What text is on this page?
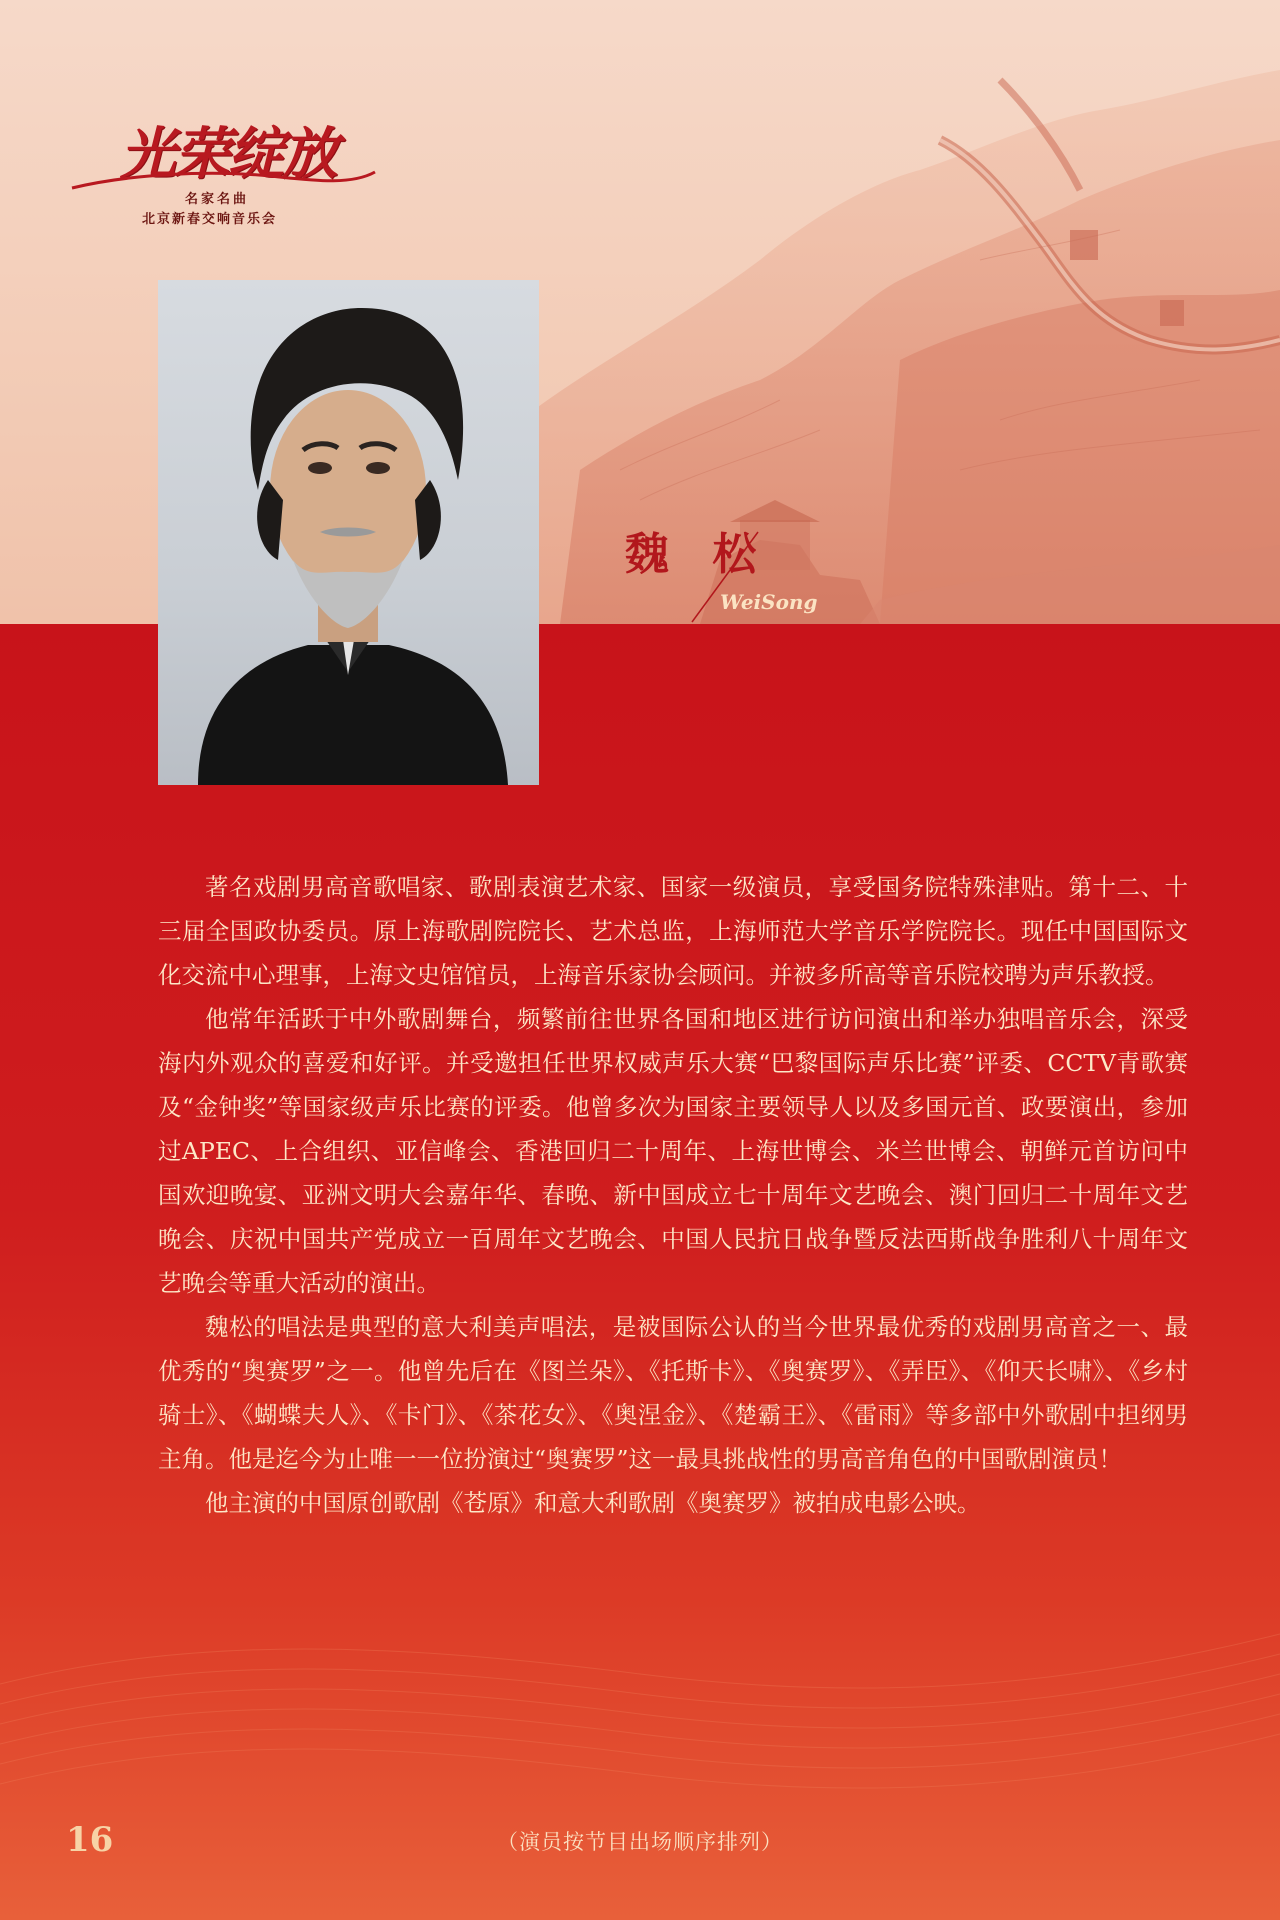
光荣绽放
名家名曲
北京新春交响音乐会
魏 松
WeiSong

著名戏剧男高音歌唱家、歌剧表演艺术家、国家一级演员，享受国务院特殊津贴。第十二、十三届全国政协委员。原上海歌剧院院长、艺术总监，上海师范大学音乐学院院长。现任中国国际文化交流中心理事，上海文史馆馆员，上海音乐家协会顾问。并被多所高等音乐院校聘为声乐教授。

他常年活跃于中外歌剧舞台，频繁前往世界各国和地区进行访问演出和举办独唱音乐会，深受海内外观众的喜爱和好评。并受邀担任世界权威声乐大赛“巴黎国际声乐比赛”评委、CCTV青歌赛及“金钟奖”等国家级声乐比赛的评委。他曾多次为国家主要领导人以及多国元首、政要演出，参加过APEC、上合组织、亚信峰会、香港回归二十周年、上海世博会、米兰世博会、朝鲜元首访问中国欢迎晚宴、亚洲文明大会嘉年华、春晚、新中国成立七十周年文艺晚会、澳门回归二十周年文艺晚会、庆祝中国共产党成立一百周年文艺晚会、中国人民抗日战争暨反法西斯战争胜利八十周年文艺晚会等重大活动的演出。

魏松的唱法是典型的意大利美声唱法，是被国际公认的当今世界最优秀的戏剧男高音之一、最优秀的“奥赛罗”之一。他曾先后在《图兰朵》、《托斯卡》、《奥赛罗》、《弄臣》、《仰天长啸》、《乡村骑士》、《蝴蝶夫人》、《卡门》、《茶花女》、《奥涅金》、《楚霸王》、《雷雨》等多部中外歌剧中担纲男主角。他是迄今为止唯一一位扮演过“奥赛罗”这一最具挑战性的男高音角色的中国歌剧演员！

他主演的中国原创歌剧《苍原》和意大利歌剧《奥赛罗》被拍成电影公映。

16	（演员按节目出场顺序排列）
